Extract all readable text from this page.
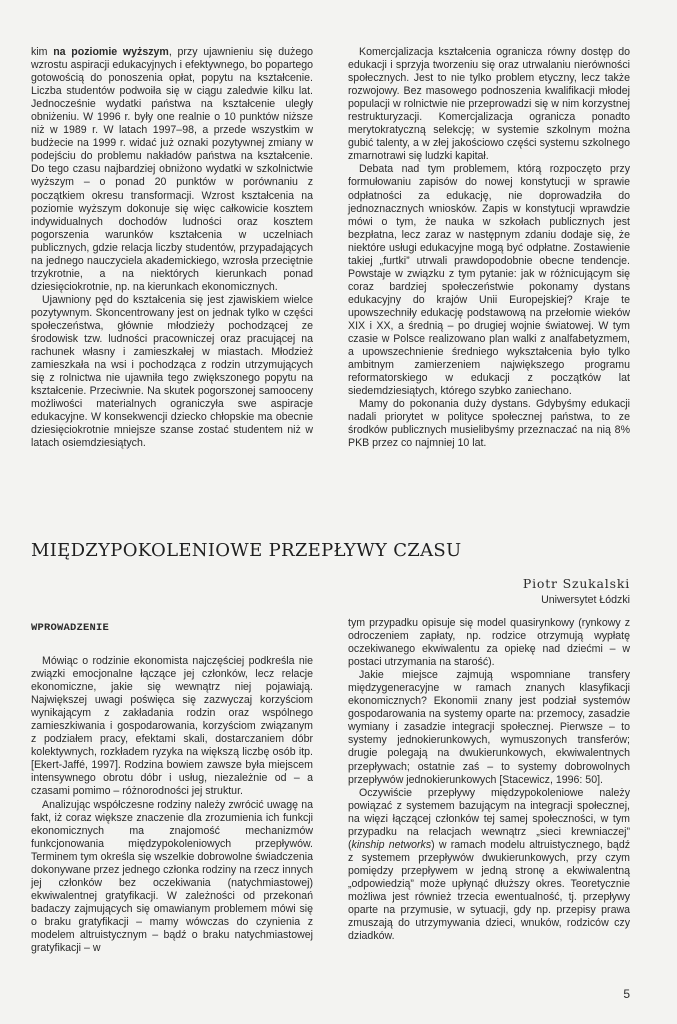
kim na poziomie wyższym, przy ujawnieniu się dużego wzrostu aspiracji edukacyjnych i efektywnego, bo popartego gotowością do ponoszenia opłat, popytu na kształcenie. Liczba studentów podwoiła się w ciągu zaledwie kilku lat. Jednocześnie wydatki państwa na kształcenie uległy obniżeniu. W 1996 r. były one realnie o 10 punktów niższe niż w 1989 r. W latach 1997–98, a przede wszystkim w budżecie na 1999 r. widać już oznaki pozytywnej zmiany w podejściu do problemu nakładów państwa na kształcenie. Do tego czasu najbardziej obniżono wydatki w szkolnictwie wyższym – o ponad 20 punktów w porównaniu z początkiem okresu transformacji. Wzrost kształcenia na poziomie wyższym dokonuje się więc całkowicie kosztem indywidualnych dochodów ludności oraz kosztem pogorszenia warunków kształcenia w uczelniach publicznych, gdzie relacja liczby studentów, przypadających na jednego nauczyciela akademickiego, wzrosła przeciętnie trzykrotnie, a na niektórych kierunkach ponad dziesięciokrotnie, np. na kierunkach ekonomicznych.

Ujawniony pęd do kształcenia się jest zjawiskiem wielce pozytywnym. Skoncentrowany jest on jednak tylko w części społeczeństwa, głównie młodzieży pochodzącej ze środowisk tzw. ludności pracowniczej oraz pracującej na rachunek własny i zamieszkałej w miastach. Młodzież zamieszkała na wsi i pochodząca z rodzin utrzymujących się z rolnictwa nie ujawniła tego zwiększonego popytu na kształcenie. Przeciwnie. Na skutek pogorszonej samooceny możliwości materialnych ograniczyła swe aspiracje edukacyjne. W konsekwencji dziecko chłopskie ma obecnie dziesięciokrotnie mniejsze szanse zostać studentem niż w latach osiemdziesiątych.

Komercjalizacja kształcenia ogranicza równy dostęp do edukacji i sprzyja tworzeniu się oraz utrwalaniu nierówności społecznych. Jest to nie tylko problem etyczny, lecz także rozwojowy. Bez masowego podnoszenia kwalifikacji młodej populacji w rolnictwie nie przeprowadzi się w nim korzystnej restrukturyzacji. Komercjalizacja ogranicza ponadto merytokratyczną selekcję; w systemie szkolnym można gubić talenty, a w złej jakościowo części systemu szkolnego zmarnotrawi się ludzki kapitał.

Debata nad tym problemem, którą rozpoczęto przy formułowaniu zapisów do nowej konstytucji w sprawie odpłatności za edukację, nie doprowadziła do jednoznacznych wniosków. Zapis w konstytucji wprawdzie mówi o tym, że nauka w szkołach publicznych jest bezpłatna, lecz zaraz w następnym zdaniu dodaje się, że niektóre usługi edukacyjne mogą być odpłatne. Zostawienie takiej „furtki” utrwali prawdopodobnie obecne tendencje. Powstaje w związku z tym pytanie: jak w różnicującym się coraz bardziej społeczeństwie pokonamy dystans edukacyjny do krajów Unii Europejskiej? Kraje te upowszechniły edukację podstawową na przełomie wieków XIX i XX, a średnią – po drugiej wojnie światowej. W tym czasie w Polsce realizowano plan walki z analfabetyzmem, a upowszechnienie średniego wykształcenia było tylko ambitnym zamierzeniem największego programu reformatorskiego w edukacji z początków lat siedemdziesiątych, którego szybko zaniechano.

Mamy do pokonania duży dystans. Gdybyśmy edukacji nadali priorytet w polityce społecznej państwa, to ze środków publicznych musielibyśmy przeznaczać na nią 8% PKB przez co najmniej 10 lat.

MIĘDZYPOKOLENIOWE PRZEPŁYWY CZASU
Piotr Szukalski
Uniwersytet Łódzki
WPROWADZENIE

Mówiąc o rodzinie ekonomista najczęściej podkreśla nie związki emocjonalne łączące jej członków, lecz relacje ekonomiczne, jakie się wewnątrz niej pojawiają. Największej uwagi poświęca się zazwyczaj korzyściom wynikającym z zakładania rodzin oraz wspólnego zamieszkiwania i gospodarowania, korzyściom związanym z podziałem pracy, efektami skali, dostarczaniem dóbr kolektywnych, rozkładem ryzyka na większą liczbę osób itp. [Ekert-Jaffé, 1997]. Rodzina bowiem zawsze była miejscem intensywnego obrotu dóbr i usług, niezależnie od – a czasami pomimo – różnorodności jej struktur.

Analizując współczesne rodziny należy zwrócić uwagę na fakt, iż coraz większe znaczenie dla zrozumienia ich funkcji ekonomicznych ma znajomość mechanizmów funkcjonowania międzypokoleniowych przepływów. Terminem tym określa się wszelkie dobrowolne świadczenia dokonywane przez jednego członka rodziny na rzecz innych jej członków bez oczekiwania (natychmiastowej) ekwiwalentnej gratyfikacji. W zależności od przekonań badaczy zajmujących się omawianym problemem mówi się o braku gratyfikacji – mamy wówczas do czynienia z modelem altruistycznym – bądź o braku natychmiastowej gratyfikacji – w

tym przypadku opisuje się model quasirynkowy (rynkowy z odroczeniem zapłaty, np. rodzice otrzymują wypłatę oczekiwanego ekwiwalentu za opiekę nad dziećmi – w postaci utrzymania na starość).

Jakie miejsce zajmują wspomniane transfery międzygeneracyjne w ramach znanych klasyfikacji ekonomicznych? Ekonomii znany jest podział systemów gospodarowania na systemy oparte na: przemocy, zasadzie wymiany i zasadzie integracji społecznej. Pierwsze – to systemy jednokierunkowych, wymuszonych transferów; drugie polegają na dwukierunkowych, ekwiwalentnych przepływach; ostatnie zaś – to systemy dobrowolnych przepływów jednokierunkowych [Stacewicz, 1996: 50].

Oczywiście przepływy międzypokoleniowe należy powiązać z systemem bazującym na integracji społecznej, na więzi łączącej członków tej samej społeczności, w tym przypadku na relacjach wewnątrz „sieci krewniaczej” (kinship networks) w ramach modelu altruistycznego, bądź z systemem przepływów dwukierunkowych, przy czym pomiędzy przepływem w jedną stronę a ekwiwalentną „odpowiedzią” może upłynąć dłuższy okres. Teoretycznie możliwa jest również trzecia ewentualność, tj. przepływy oparte na przymusie, w sytuacji, gdy np. przepisy prawa zmuszają do utrzymywania dzieci, wnuków, rodziców czy dziadków.

5
